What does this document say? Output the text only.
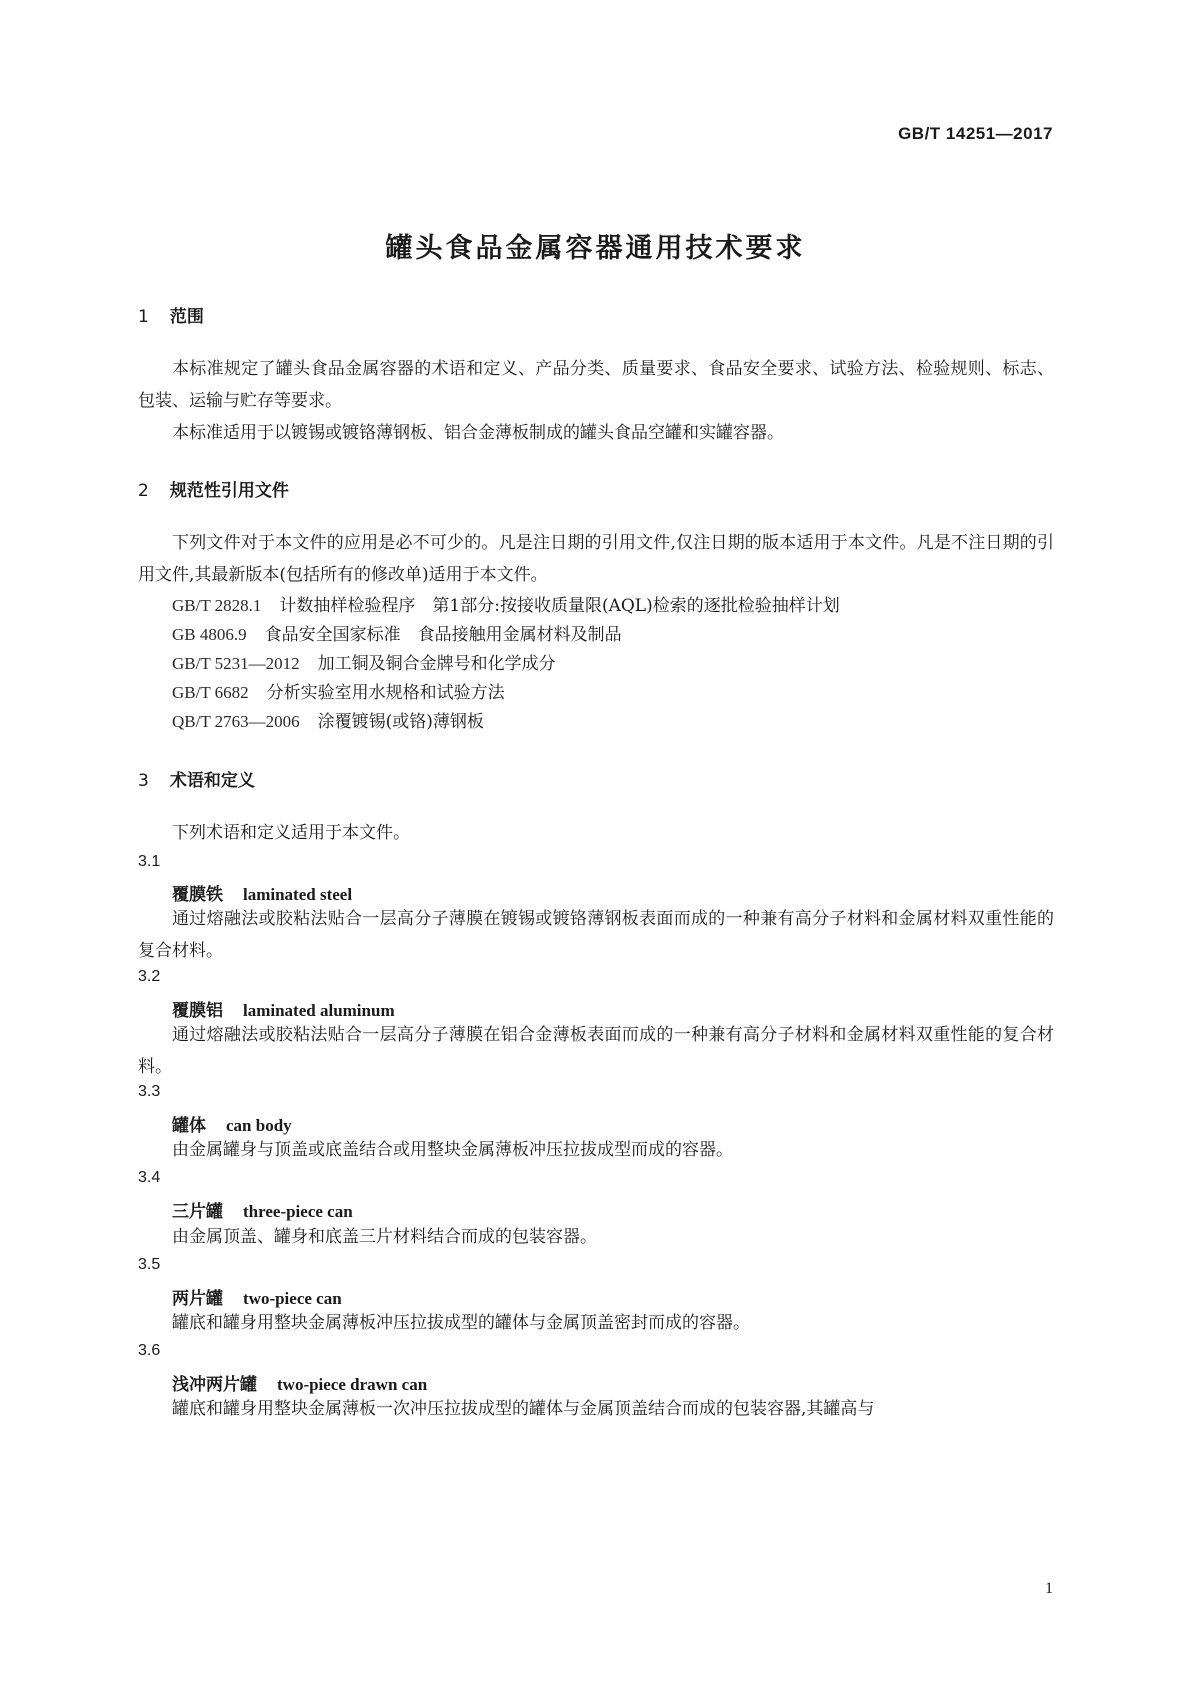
GB/T 14251—2017
罐头食品金属容器通用技术要求
1 范围

本标准规定了罐头食品金属容器的术语和定义、产品分类、质量要求、食品安全要求、试验方法、检验规则、标志、包装、运输与贮存等要求。

本标准适用于以镀锡或镀铬薄钢板、铝合金薄板制成的罐头食品空罐和实罐容器。

2 规范性引用文件

下列文件对于本文件的应用是必不可少的。凡是注日期的引用文件,仅注日期的版本适用于本文件。凡是不注日期的引用文件,其最新版本(包括所有的修改单)适用于本文件。

GB/T 2828.1 计数抽样检验程序　第1部分:按接收质量限(AQL)检索的逐批检验抽样计划
GB 4806.9 食品安全国家标准　食品接触用金属材料及制品
GB/T 5231—2012 加工铜及铜合金牌号和化学成分
GB/T 6682 分析实验室用水规格和试验方法
QB/T 2763—2006 涂覆镀锡(或铬)薄钢板
3 术语和定义

下列术语和定义适用于本文件。

3.1
覆膜铁 laminated steel

通过熔融法或胶粘法贴合一层高分子薄膜在镀锡或镀铬薄钢板表面而成的一种兼有高分子材料和金属材料双重性能的复合材料。

3.2
覆膜铝 laminated aluminum

通过熔融法或胶粘法贴合一层高分子薄膜在铝合金薄板表面而成的一种兼有高分子材料和金属材料双重性能的复合材料。

3.3
罐体 can body

由金属罐身与顶盖或底盖结合或用整块金属薄板冲压拉拔成型而成的容器。

3.4
三片罐 three-piece can

由金属顶盖、罐身和底盖三片材料结合而成的包装容器。

3.5
两片罐 two-piece can

罐底和罐身用整块金属薄板冲压拉拔成型的罐体与金属顶盖密封而成的容器。

3.6
浅冲两片罐 two-piece drawn can

罐底和罐身用整块金属薄板一次冲压拉拔成型的罐体与金属顶盖结合而成的包装容器,其罐高与

1
